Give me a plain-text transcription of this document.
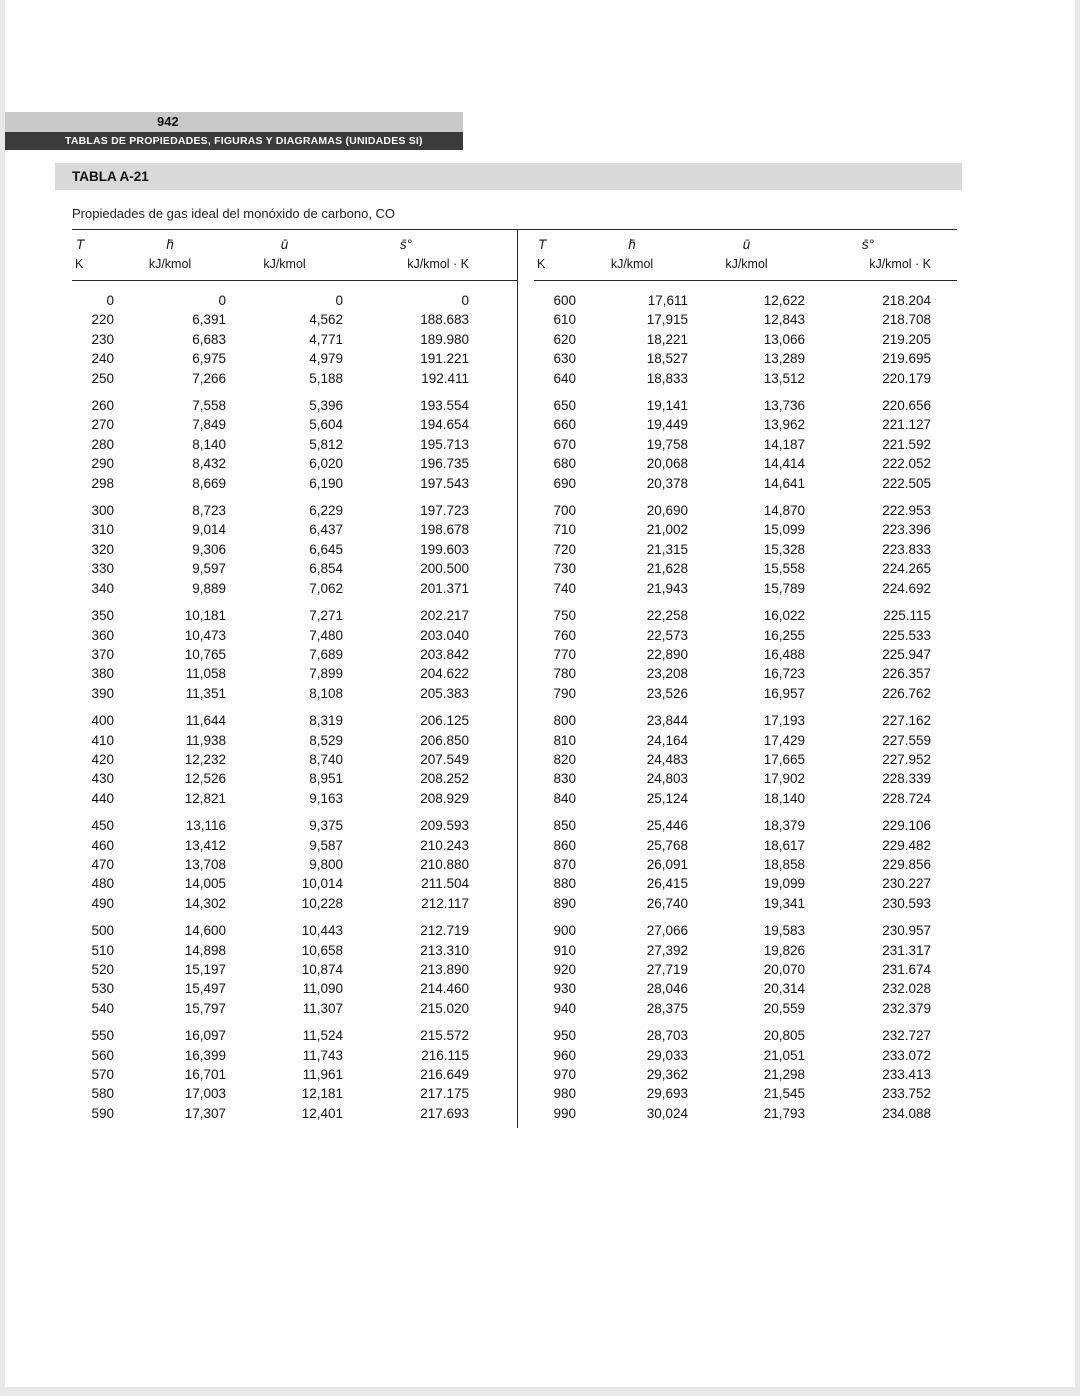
942
TABLAS DE PROPIEDADES, FIGURAS Y DIAGRAMAS (UNIDADES SI)
TABLA A-21
Propiedades de gas ideal del monóxido de carbono, CO
T	h̄	ū	s̄°
K	kJ/kmol	kJ/kmol	kJ/kmol · K
0	0	0	0
220	6,391	4,562	188.683
230	6,683	4,771	189.980
240	6,975	4,979	191.221
250	7,266	5,188	192.411
260	7,558	5,396	193.554
270	7,849	5,604	194.654
280	8,140	5,812	195.713
290	8,432	6,020	196.735
298	8,669	6,190	197.543
300	8,723	6,229	197.723
310	9,014	6,437	198.678
320	9,306	6,645	199.603
330	9,597	6,854	200.500
340	9,889	7,062	201.371
350	10,181	7,271	202.217
360	10,473	7,480	203.040
370	10,765	7,689	203.842
380	11,058	7,899	204.622
390	11,351	8,108	205.383
400	11,644	8,319	206.125
410	11,938	8,529	206.850
420	12,232	8,740	207.549
430	12,526	8,951	208.252
440	12,821	9,163	208.929
450	13,116	9,375	209.593
460	13,412	9,587	210.243
470	13,708	9,800	210.880
480	14,005	10,014	211.504
490	14,302	10,228	212.117
500	14,600	10,443	212.719
510	14,898	10,658	213.310
520	15,197	10,874	213.890
530	15,497	11,090	214.460
540	15,797	11,307	215.020
550	16,097	11,524	215.572
560	16,399	11,743	216.115
570	16,701	11,961	216.649
580	17,003	12,181	217.175
590	17,307	12,401	217.693
T	h̄	ū	s̄°
K	kJ/kmol	kJ/kmol	kJ/kmol · K
600	17,611	12,622	218.204
610	17,915	12,843	218.708
620	18,221	13,066	219.205
630	18,527	13,289	219.695
640	18,833	13,512	220.179
650	19,141	13,736	220.656
660	19,449	13,962	221.127
670	19,758	14,187	221.592
680	20,068	14,414	222.052
690	20,378	14,641	222.505
700	20,690	14,870	222.953
710	21,002	15,099	223.396
720	21,315	15,328	223.833
730	21,628	15,558	224.265
740	21,943	15,789	224.692
750	22,258	16,022	225.115
760	22,573	16,255	225.533
770	22,890	16,488	225.947
780	23,208	16,723	226.357
790	23,526	16,957	226.762
800	23,844	17,193	227.162
810	24,164	17,429	227.559
820	24,483	17,665	227.952
830	24,803	17,902	228.339
840	25,124	18,140	228.724
850	25,446	18,379	229.106
860	25,768	18,617	229.482
870	26,091	18,858	229.856
880	26,415	19,099	230.227
890	26,740	19,341	230.593
900	27,066	19,583	230.957
910	27,392	19,826	231.317
920	27,719	20,070	231.674
930	28,046	20,314	232.028
940	28,375	20,559	232.379
950	28,703	20,805	232.727
960	29,033	21,051	233.072
970	29,362	21,298	233.413
980	29,693	21,545	233.752
990	30,024	21,793	234.088
